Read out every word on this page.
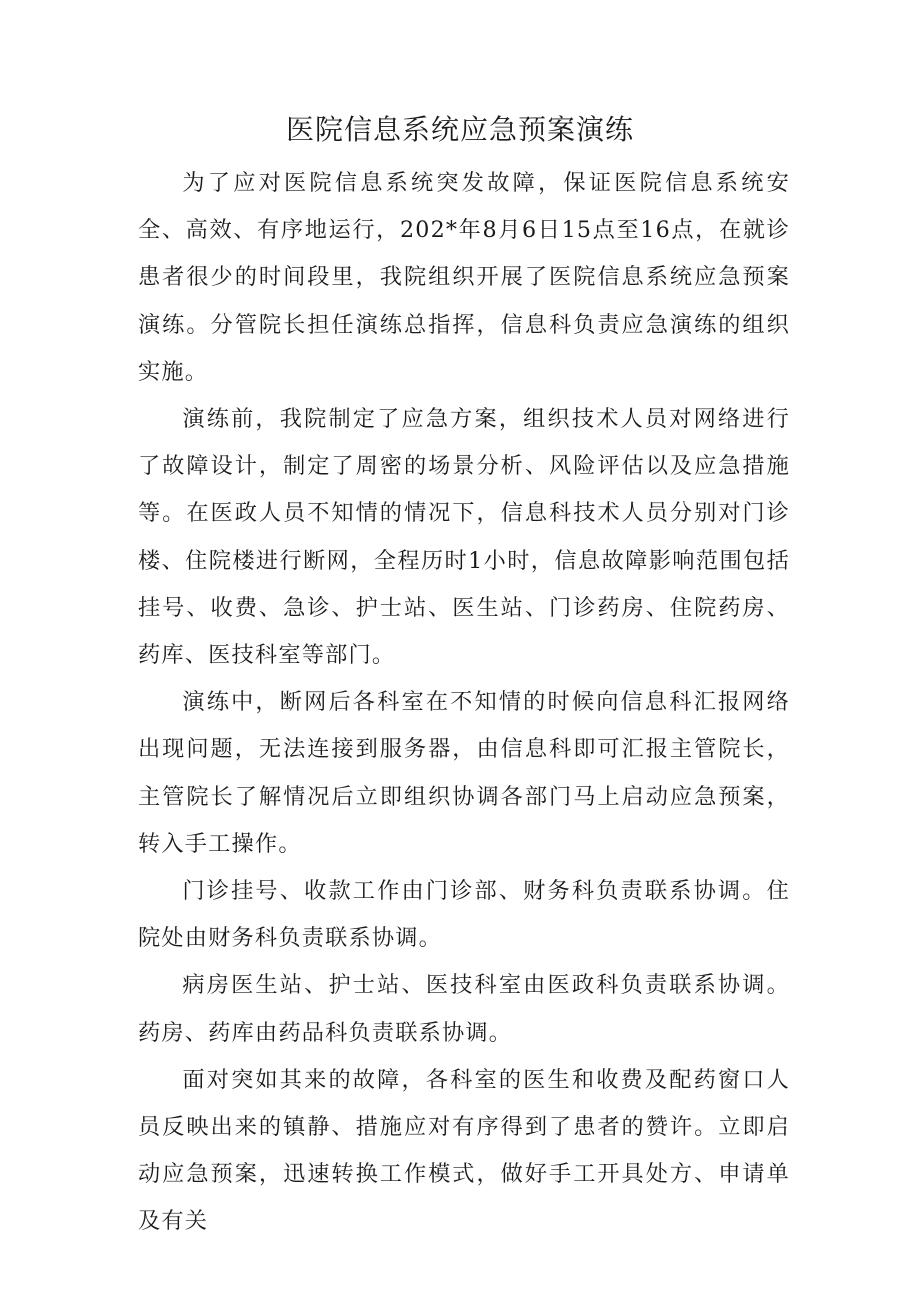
医院信息系统应急预案演练

为了应对医院信息系统突发故障，保证医院信息系统安全、高效、有序地运行，202*年8月6日15点至16点，在就诊患者很少的时间段里，我院组织开展了医院信息系统应急预案演练。分管院长担任演练总指挥，信息科负责应急演练的组织实施。

演练前，我院制定了应急方案，组织技术人员对网络进行了故障设计，制定了周密的场景分析、风险评估以及应急措施等。在医政人员不知情的情况下，信息科技术人员分别对门诊楼、住院楼进行断网，全程历时1小时，信息故障影响范围包括挂号、收费、急诊、护士站、医生站、门诊药房、住院药房、药库、医技科室等部门。

演练中，断网后各科室在不知情的时候向信息科汇报网络出现问题，无法连接到服务器，由信息科即可汇报主管院长，主管院长了解情况后立即组织协调各部门马上启动应急预案，转入手工操作。

门诊挂号、收款工作由门诊部、财务科负责联系协调。住院处由财务科负责联系协调。

病房医生站、护士站、医技科室由医政科负责联系协调。药房、药库由药品科负责联系协调。

面对突如其来的故障，各科室的医生和收费及配药窗口人员反映出来的镇静、措施应对有序得到了患者的赞许。立即启动应急预案，迅速转换工作模式，做好手工开具处方、申请单及有关
